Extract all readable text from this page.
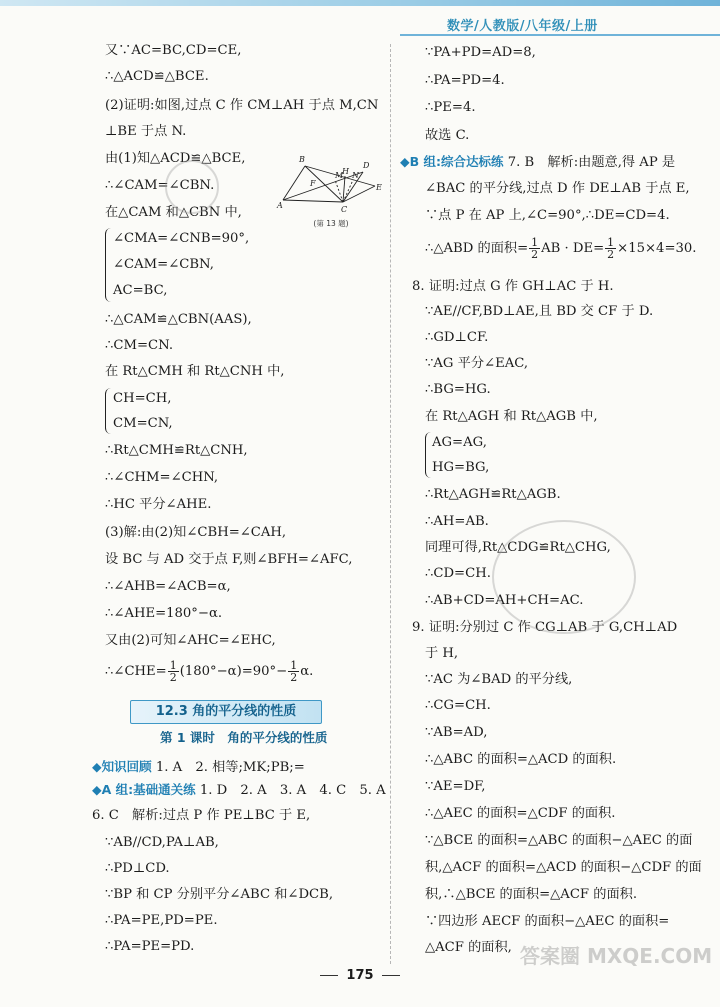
数学/人教版/八年级/上册
又∵AC=BC,CD=CE,
∴△ACD≌△BCE.
(2)证明:如图,过点 C 作 CM⊥AH 于点 M,CN
⊥BE 于点 N.
由(1)知△ACD≌△BCE,
∴∠CAM=∠CBN.
在△CAM 和△CBN 中,
∠CMA=∠CNB=90°,
∠CAM=∠CBN,
AC=BC,
∴△CAM≌△CBN(AAS),
∴CM=CN.
在 Rt△CMH 和 Rt△CNH 中,
CH=CH,
CM=CN,
∴Rt△CMH≌Rt△CNH,
∴∠CHM=∠CHN,
∴HC 平分∠AHE.
(3)解:由(2)知∠CBH=∠CAH,
设 BC 与 AD 交于点 F,则∠BFH=∠AFC,
∴∠AHB=∠ACB=α,
∴∠AHE=180°−α.
又由(2)可知∠AHC=∠EHC,
∴∠CHE= $\frac{1}{2} (180^\circ-\alpha)=90^\circ- \frac{1}{2} \alpha$.
B
D
M
H N
F
A	C
E
(第 13 题)
12.3 角的平分线的性质
第 1 课时　角的平分线的性质
◆知识回顾 1. A　2. 相等;MK;PB;=
◆A 组:基础通关练 1. D　2. A　3. A　4. C　5. A
6. C　解析:过点 P 作 PE⊥BC 于 E,
∵AB//CD,PA⊥AB,
∴PD⊥CD.
∵BP 和 CP 分别平分∠ABC 和∠DCB,
∴PA=PE,PD=PE.
∴PA=PE=PD.
∵PA+PD=AD=8,
∴PA=PD=4.
∴PE=4.
故选 C.
◆B 组:综合达标练 7. B　解析:由题意,得 AP 是
∠BAC 的平分线,过点 D 作 DE⊥AB 于点 E,
∵点 P 在 AP 上,∠C=90°,∴DE=CD=4.
∴△ABD 的面积= $\frac{1}{2}$ AB · $DE= \frac{1}{2} \times 15\times 4=30$.
8. 证明:过点 G 作 GH⊥AC 于 H.
∵AE//CF,BD⊥AE,且 BD 交 CF 于 D.
∴GD⊥CF.
∵AG 平分∠EAC,
∴BG=HG.
在 Rt△AGH 和 Rt△AGB 中,
AG=AG,
HG=BG,
∴Rt△AGH≌Rt△AGB.
∴AH=AB.
同理可得,Rt△CDG≌Rt△CHG,
∴CD=CH.
∴AB+CD=AH+CH=AC.
9. 证明:分别过 C 作 CG⊥AB 于 G,CH⊥AD
于 H,
∵AC 为∠BAD 的平分线,
∴CG=CH.
∵AB=AD,
∴△ABC 的面积=△ACD 的面积.
∵AE=DF,
∴△AEC 的面积=△CDF 的面积.
∵△BCE 的面积=△ABC 的面积−△AEC 的面
积,△ACF 的面积=△ACD 的面积−△CDF 的面
积,∴△BCE 的面积=△ACF 的面积.
∵四边形 AECF 的面积−△AEC 的面积=
△ACF 的面积, 答案圈 MXQE.COM
175
